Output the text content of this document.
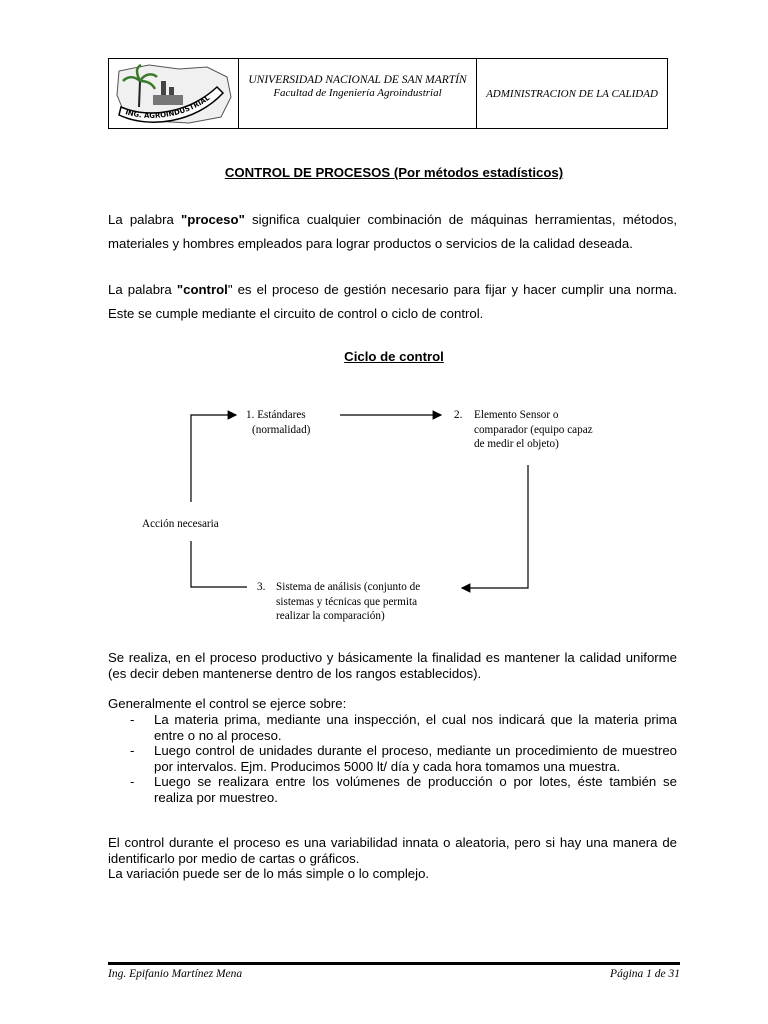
ING. AGROINDUSTRIAL
UNIVERSIDAD NACIONAL DE SAN MARTÍN
Facultad de Ingeniería Agroindustrial	ADMINISTRACION DE LA CALIDAD
CONTROL DE PROCESOS (Por métodos estadísticos)
La palabra "proceso" significa cualquier combinación de máquinas herramientas, métodos, materiales y hombres empleados para lograr productos o servicios de la calidad deseada.
La palabra "control" es el proceso de gestión necesario para fijar y hacer cumplir una norma. Este se cumple mediante el circuito de control o ciclo de control.
Ciclo de control
1. Estándares
(normalidad)
2. Elemento Sensor o
comparador (equipo capaz
de medir el objeto)
Acción necesaria
3. Sistema de análisis (conjunto de
sistemas y técnicas que permita
realizar la comparación)
Se realiza, en el proceso productivo y básicamente la finalidad es mantener la calidad uniforme (es decir deben mantenerse dentro de los rangos establecidos).
Generalmente el control se ejerce sobre:
- La materia prima, mediante una inspección, el cual nos indicará que la materia prima entre o no al proceso.
- Luego control de unidades durante el proceso, mediante un procedimiento de muestreo por intervalos. Ejm. Producimos 5000 lt/ día y cada hora tomamos una muestra.
- Luego se realizara entre los volúmenes de producción o por lotes, éste también se realiza por muestreo.
El control durante el proceso es una variabilidad innata o aleatoria, pero si hay una manera de identificarlo por medio de cartas o gráficos.
La variación puede ser de lo más simple o lo complejo.
Ing. Epifanio Martínez Mena	Página 1 de 31
